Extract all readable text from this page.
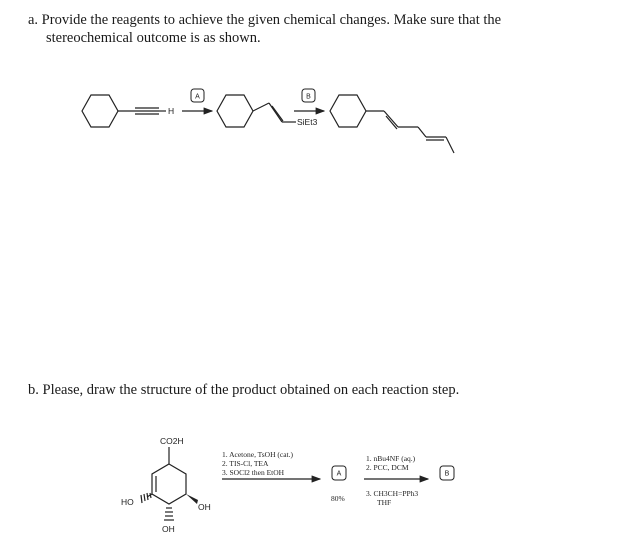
a. Provide the reagents to achieve the given chemical changes. Make sure that the

stereochemical outcome is as shown.

b. Please, draw the structure of the product obtained on each reaction step.

H
A
SiEt3
B
CO2H
HO	OH
OH
1. Acetone, TsOH (cat.)
2. TIS-Cl, TEA
3. SOCl2 then EtOH	A
80%
1. nBu4NF (aq.)
2. PCC, DCM
3. CH3CH=PPh3
THF
B
